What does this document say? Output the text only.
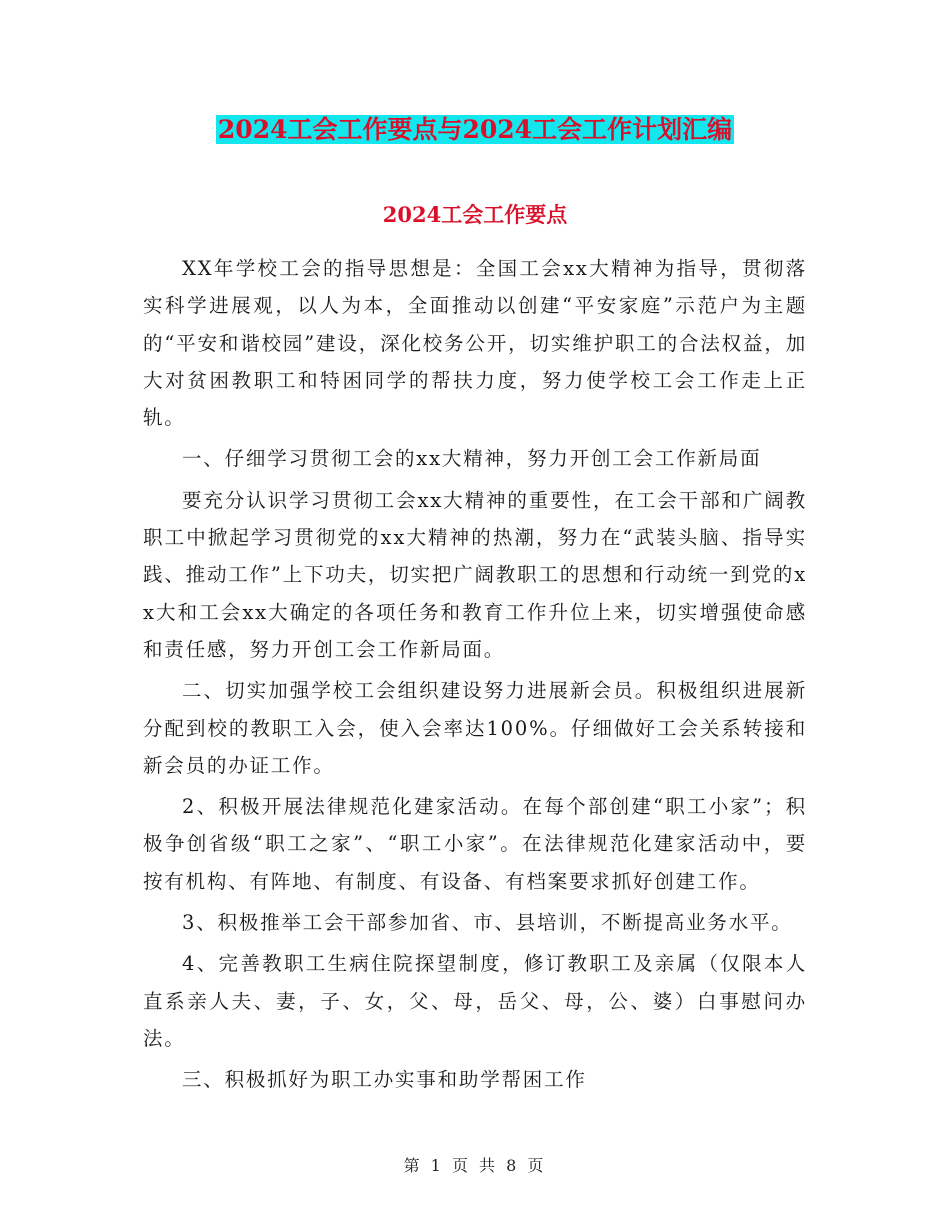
2024工会工作要点与2024工会工作计划汇编
2024工会工作要点

XX年学校工会的指导思想是：全国工会xx大精神为指导，贯彻落实科学进展观，以人为本，全面推动以创建“平安家庭”示范户为主题的“平安和谐校园”建设，深化校务公开，切实维护职工的合法权益，加大对贫困教职工和特困同学的帮扶力度，努力使学校工会工作走上正轨。

一、仔细学习贯彻工会的xx大精神，努力开创工会工作新局面

要充分认识学习贯彻工会xx大精神的重要性，在工会干部和广阔教职工中掀起学习贯彻党的xx大精神的热潮，努力在“武装头脑、指导实践、推动工作”上下功夫，切实把广阔教职工的思想和行动统一到党的xx大和工会xx大确定的各项任务和教育工作升位上来，切实增强使命感和责任感，努力开创工会工作新局面。

二、切实加强学校工会组织建设努力进展新会员。积极组织进展新分配到校的教职工入会，使入会率达100%。仔细做好工会关系转接和新会员的办证工作。

2、积极开展法律规范化建家活动。在每个部创建“职工小家”；积极争创省级“职工之家”、“职工小家”。在法律规范化建家活动中，要按有机构、有阵地、有制度、有设备、有档案要求抓好创建工作。

3、积极推举工会干部参加省、市、县培训，不断提高业务水平。

4、完善教职工生病住院探望制度，修订教职工及亲属（仅限本人直系亲人夫、妻，子、女，父、母，岳父、母，公、婆）白事慰问办法。

三、积极抓好为职工办实事和助学帮困工作

第 1 页 共 8 页
